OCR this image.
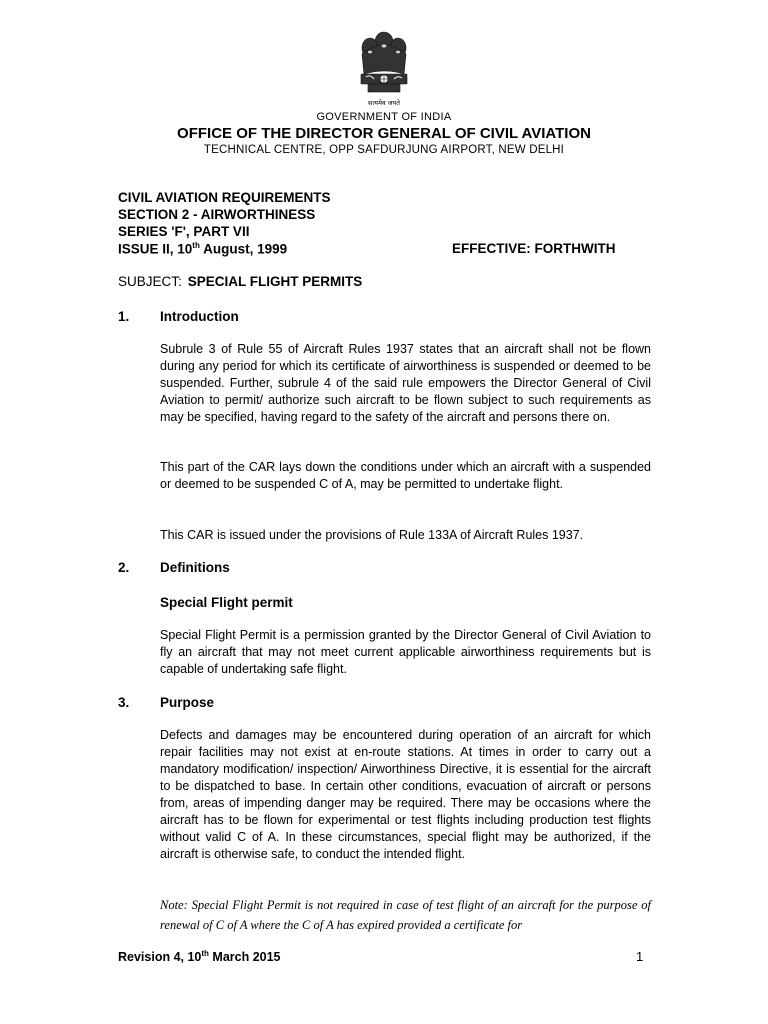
सत्यमेव जयते
GOVERNMENT OF INDIA
OFFICE OF THE DIRECTOR GENERAL OF CIVIL AVIATION
TECHNICAL CENTRE, OPP SAFDURJUNG AIRPORT, NEW DELHI
CIVIL AVIATION REQUIREMENTS
SECTION 2 - AIRWORTHINESS
SERIES 'F', PART VII
ISSUE II, 10th August, 1999	EFFECTIVE: FORTHWITH
SUBJECT: SPECIAL FLIGHT PERMITS
1. Introduction

Subrule 3 of Rule 55 of Aircraft Rules 1937 states that an aircraft shall not be flown during any period for which its certificate of airworthiness is suspended or deemed to be suspended. Further, subrule 4 of the said rule empowers the Director General of Civil Aviation to permit/ authorize such aircraft to be flown subject to such requirements as may be specified, having regard to the safety of the aircraft and persons there on.

This part of the CAR lays down the conditions under which an aircraft with a suspended or deemed to be suspended C of A, may be permitted to undertake flight.

This CAR is issued under the provisions of Rule 133A of Aircraft Rules 1937.

2. Definitions
Special Flight permit

Special Flight Permit is a permission granted by the Director General of Civil Aviation to fly an aircraft that may not meet current applicable airworthiness requirements but is capable of undertaking safe flight.

3. Purpose

Defects and damages may be encountered during operation of an aircraft for which repair facilities may not exist at en-route stations. At times in order to carry out a mandatory modification/ inspection/ Airworthiness Directive, it is essential for the aircraft to be dispatched to base. In certain other conditions, evacuation of aircraft or persons from, areas of impending danger may be required. There may be occasions where the aircraft has to be flown for experimental or test flights including production test flights without valid C of A. In these circumstances, special flight may be authorized, if the aircraft is otherwise safe, to conduct the intended flight.

Note: Special Flight Permit is not required in case of test flight of an aircraft for the purpose of renewal of C of A where the C of A has expired provided a certificate for

Revision 4, 10th March 2015	1
